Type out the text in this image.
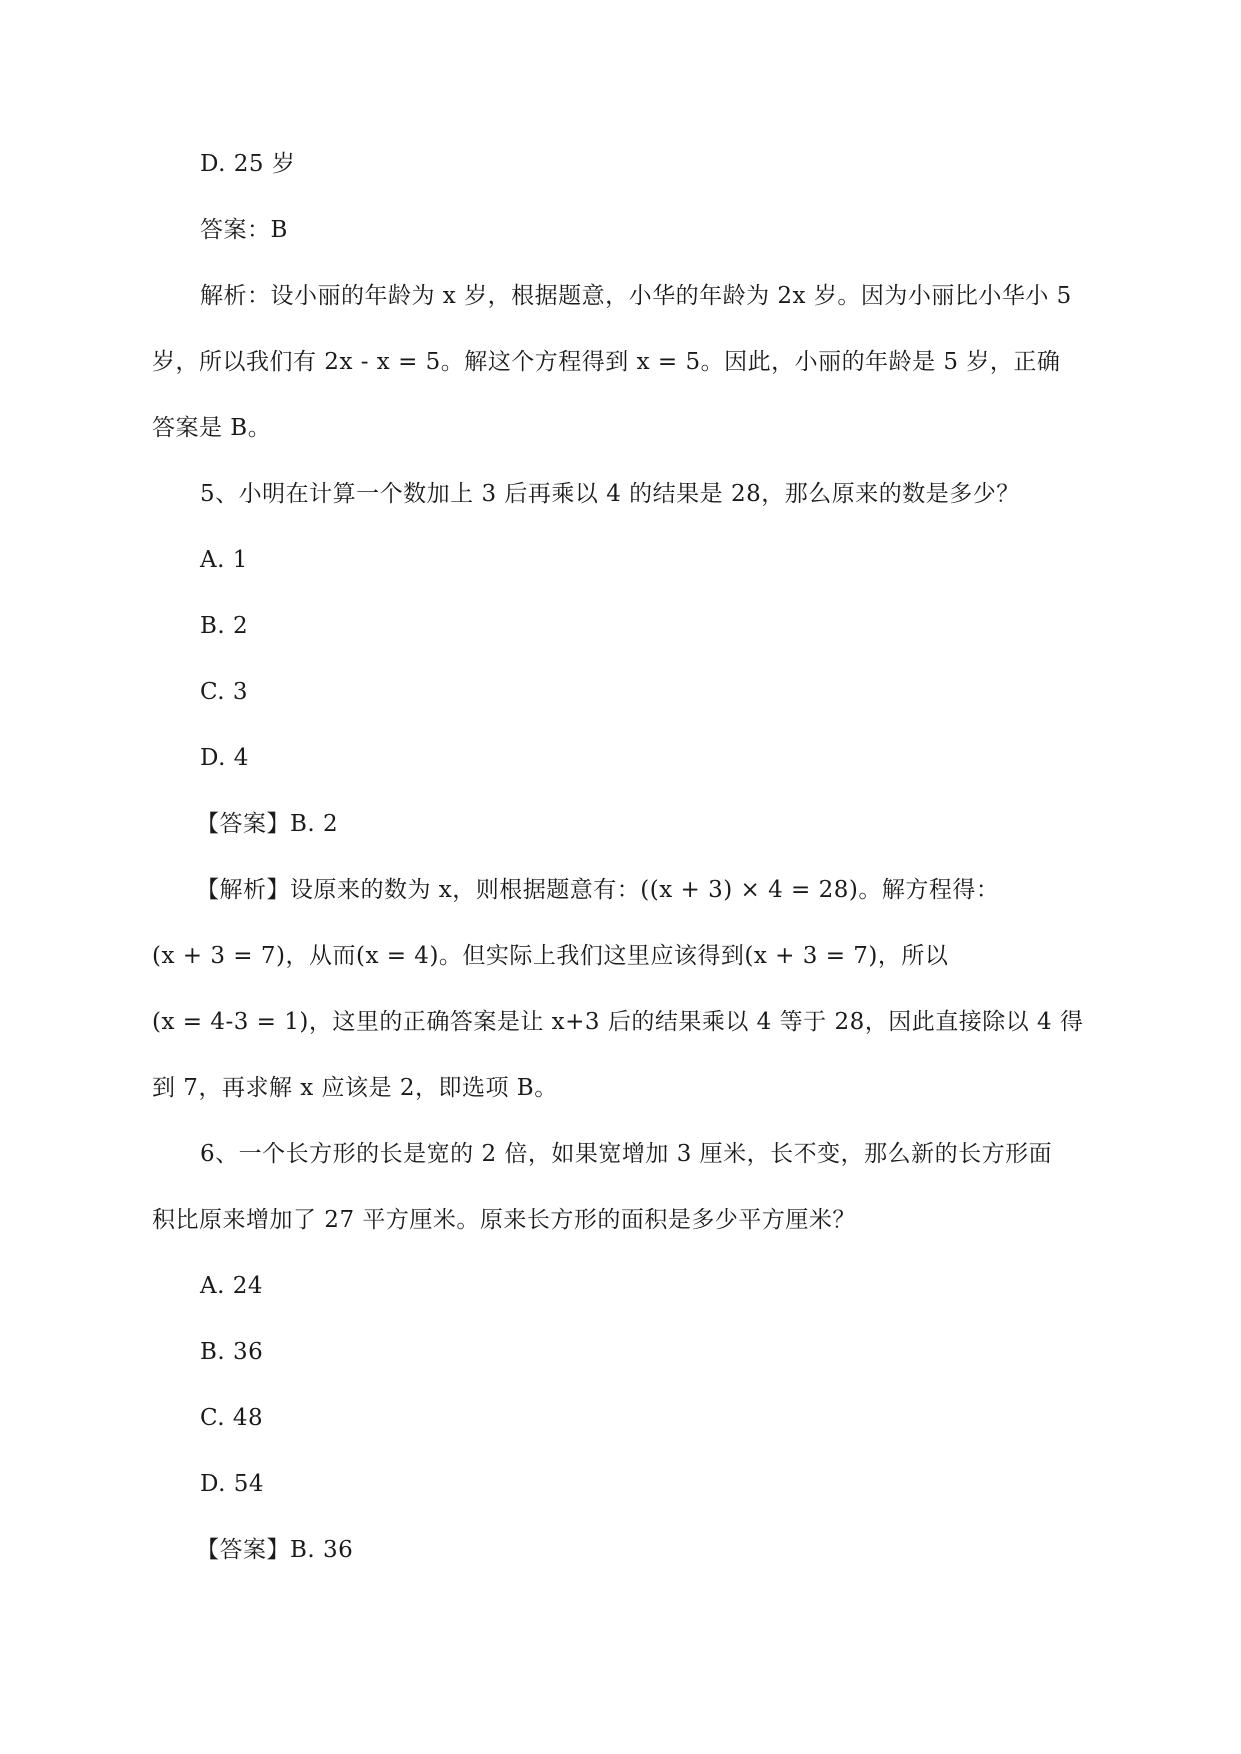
D. 25 岁
答案：B
解析：设小丽的年龄为 x 岁，根据题意，小华的年龄为 2x 岁。因为小丽比小华小 5
岁，所以我们有 2x - x = 5。解这个方程得到 x = 5。因此，小丽的年龄是 5 岁，正确
答案是 B。
5、小明在计算一个数加上 3 后再乘以 4 的结果是 28，那么原来的数是多少？
A. 1
B. 2
C. 3
D. 4
【答案】B. 2
【解析】设原来的数为 x，则根据题意有：((x + 3) × 4 = 28)。解方程得：
(x + 3 = 7)，从而(x = 4)。但实际上我们这里应该得到(x + 3 = 7)，所以
(x = 4-3 = 1)，这里的正确答案是让 x+3 后的结果乘以 4 等于 28，因此直接除以 4 得
到 7，再求解 x 应该是 2，即选项 B。
6、一个长方形的长是宽的 2 倍，如果宽增加 3 厘米，长不变，那么新的长方形面
积比原来增加了 27 平方厘米。原来长方形的面积是多少平方厘米？
A. 24
B. 36
C. 48
D. 54
【答案】B. 36
